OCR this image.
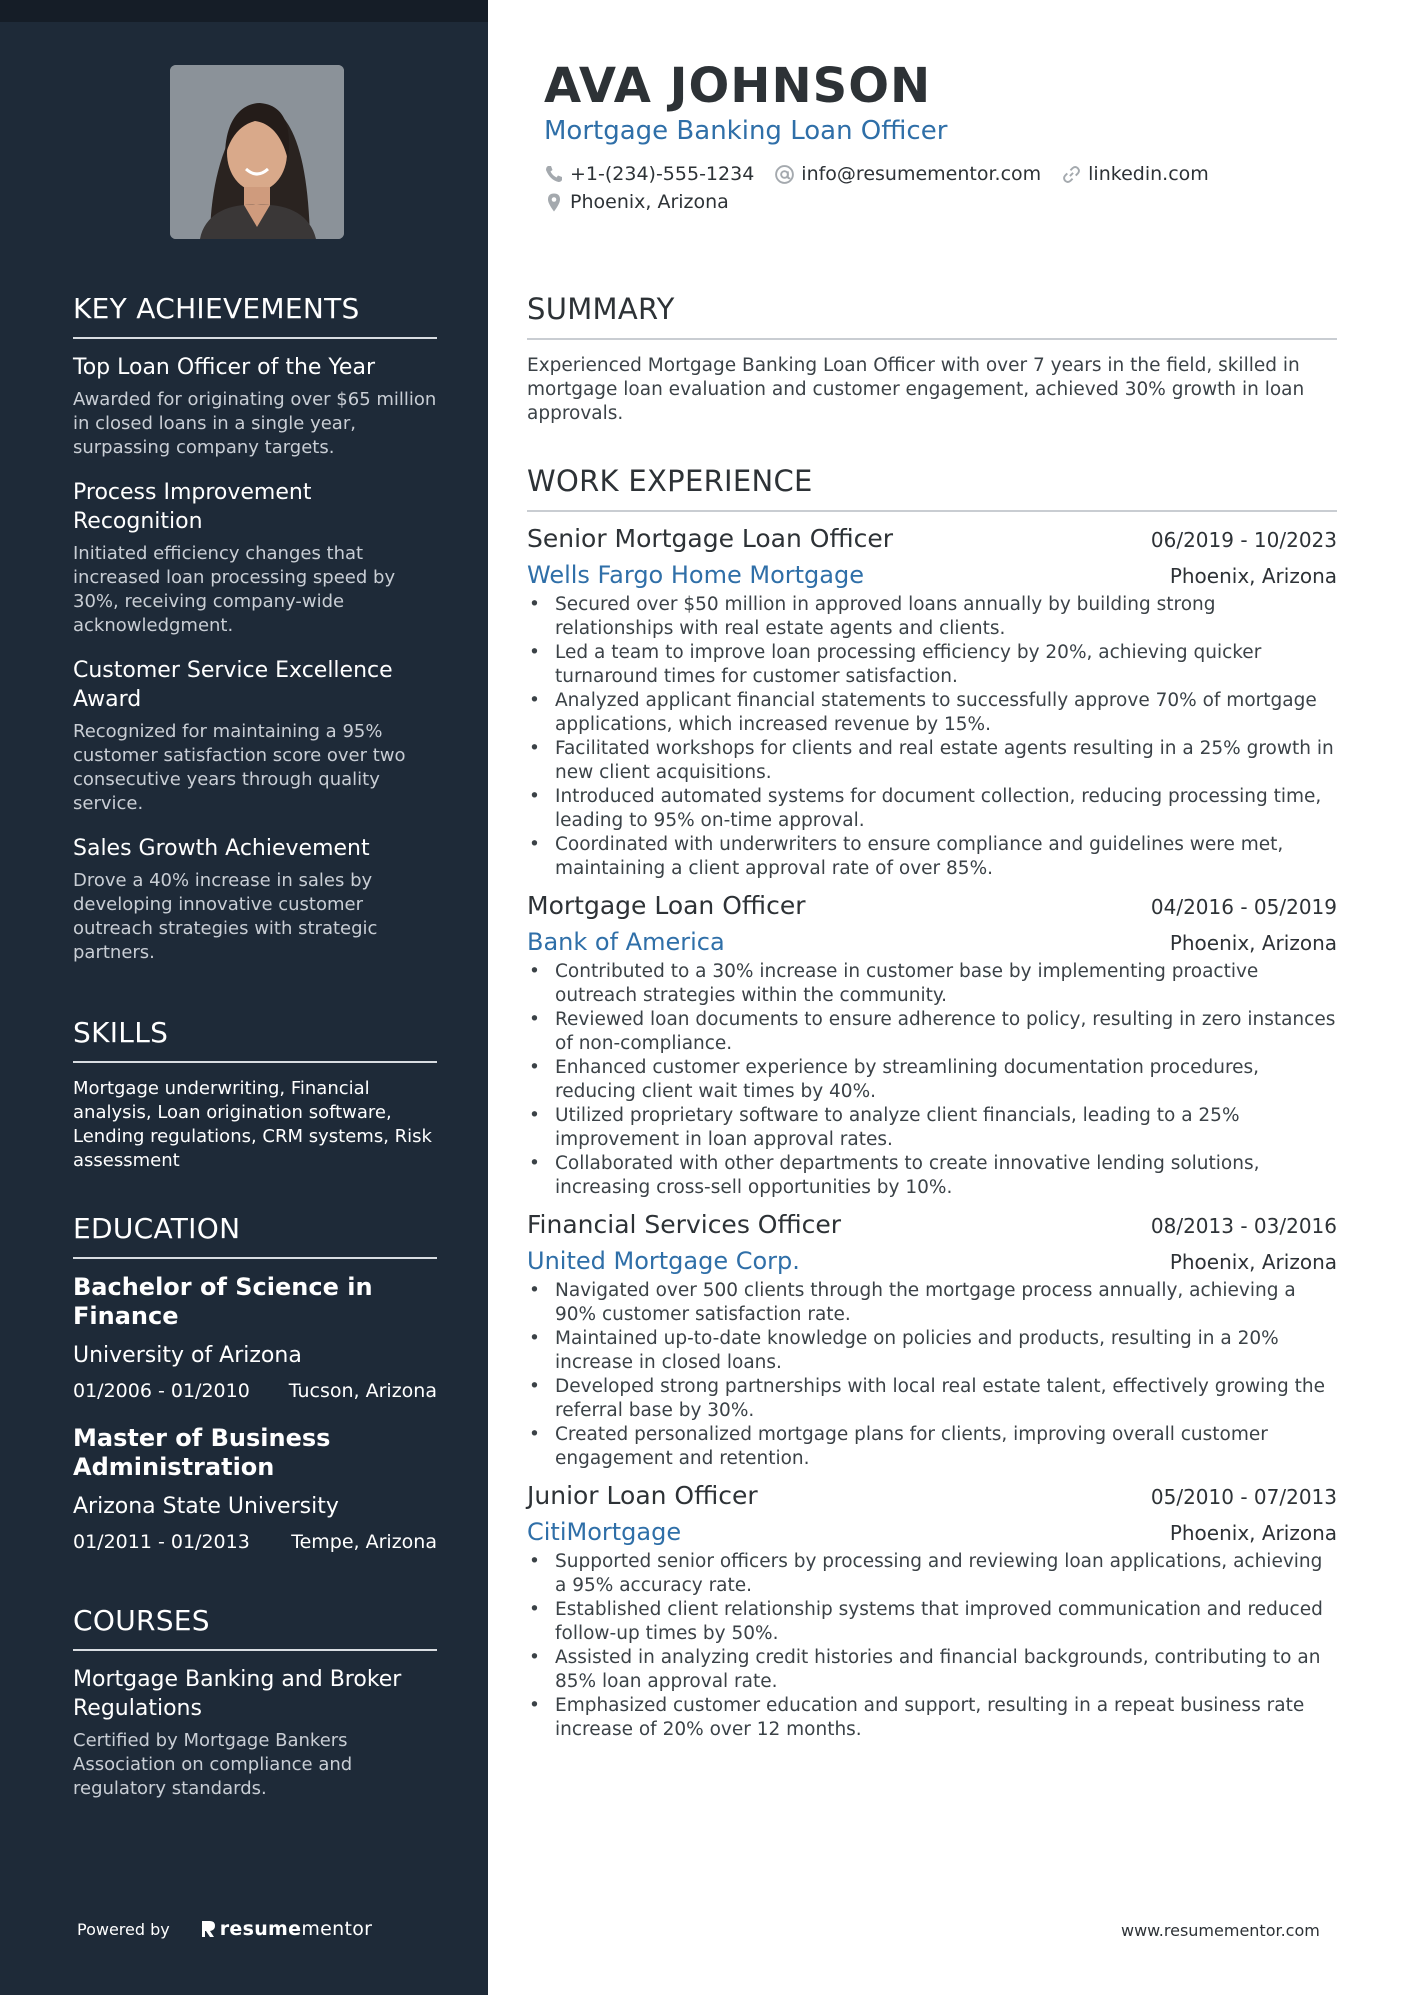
KEY ACHIEVEMENTS
Top Loan Officer of the Year
Awarded for originating over $65 million in closed loans in a single year, surpassing company targets.
Process Improvement Recognition
Initiated efficiency changes that increased loan processing speed by 30%, receiving company-wide acknowledgment.
Customer Service Excellence Award
Recognized for maintaining a 95% customer satisfaction score over two consecutive years through quality service.
Sales Growth Achievement
Drove a 40% increase in sales by developing innovative customer outreach strategies with strategic partners.
SKILLS
Mortgage underwriting, Financial analysis, Loan origination software, Lending regulations, CRM systems, Risk assessment
EDUCATION
Bachelor of Science in Finance
University of Arizona
01/2006 - 01/2010 Tucson, Arizona
Master of Business Administration
Arizona State University
01/2011 - 01/2013 Tempe, Arizona
COURSES
Mortgage Banking and Broker Regulations
Certified by Mortgage Bankers Association on compliance and regulatory standards.
Powered by	resume mentor
AVA JOHNSON
Mortgage Banking Loan Officer
+1-(234)-555-1234 info@resumementor.com linkedin.com
Phoenix, Arizona
SUMMARY
Experienced Mortgage Banking Loan Officer with over 7 years in the field, skilled in mortgage loan evaluation and customer engagement, achieved 30% growth in loan approvals.
WORK EXPERIENCE
Senior Mortgage Loan Officer	06/2019 - 10/2023
Wells Fargo Home Mortgage	Phoenix, Arizona
• Secured over $50 million in approved loans annually by building strong relationships with real estate agents and clients.
• Led a team to improve loan processing efficiency by 20%, achieving quicker turnaround times for customer satisfaction.
• Analyzed applicant financial statements to successfully approve 70% of mortgage applications, which increased revenue by 15%.
• Facilitated workshops for clients and real estate agents resulting in a 25% growth in new client acquisitions.
• Introduced automated systems for document collection, reducing processing time, leading to 95% on-time approval.
• Coordinated with underwriters to ensure compliance and guidelines were met, maintaining a client approval rate of over 85%.
Mortgage Loan Officer	04/2016 - 05/2019
Bank of America	Phoenix, Arizona
• Contributed to a 30% increase in customer base by implementing proactive outreach strategies within the community.
• Reviewed loan documents to ensure adherence to policy, resulting in zero instances of non-compliance.
• Enhanced customer experience by streamlining documentation procedures, reducing client wait times by 40%.
• Utilized proprietary software to analyze client financials, leading to a 25% improvement in loan approval rates.
• Collaborated with other departments to create innovative lending solutions, increasing cross-sell opportunities by 10%.
Financial Services Officer	08/2013 - 03/2016
United Mortgage Corp.	Phoenix, Arizona
• Navigated over 500 clients through the mortgage process annually, achieving a 90% customer satisfaction rate.
• Maintained up-to-date knowledge on policies and products, resulting in a 20% increase in closed loans.
• Developed strong partnerships with local real estate talent, effectively growing the referral base by 30%.
• Created personalized mortgage plans for clients, improving overall customer engagement and retention.
Junior Loan Officer	05/2010 - 07/2013
CitiMortgage	Phoenix, Arizona
• Supported senior officers by processing and reviewing loan applications, achieving a 95% accuracy rate.
• Established client relationship systems that improved communication and reduced follow-up times by 50%.
• Assisted in analyzing credit histories and financial backgrounds, contributing to an 85% loan approval rate.
• Emphasized customer education and support, resulting in a repeat business rate increase of 20% over 12 months.
www.resumementor.com
